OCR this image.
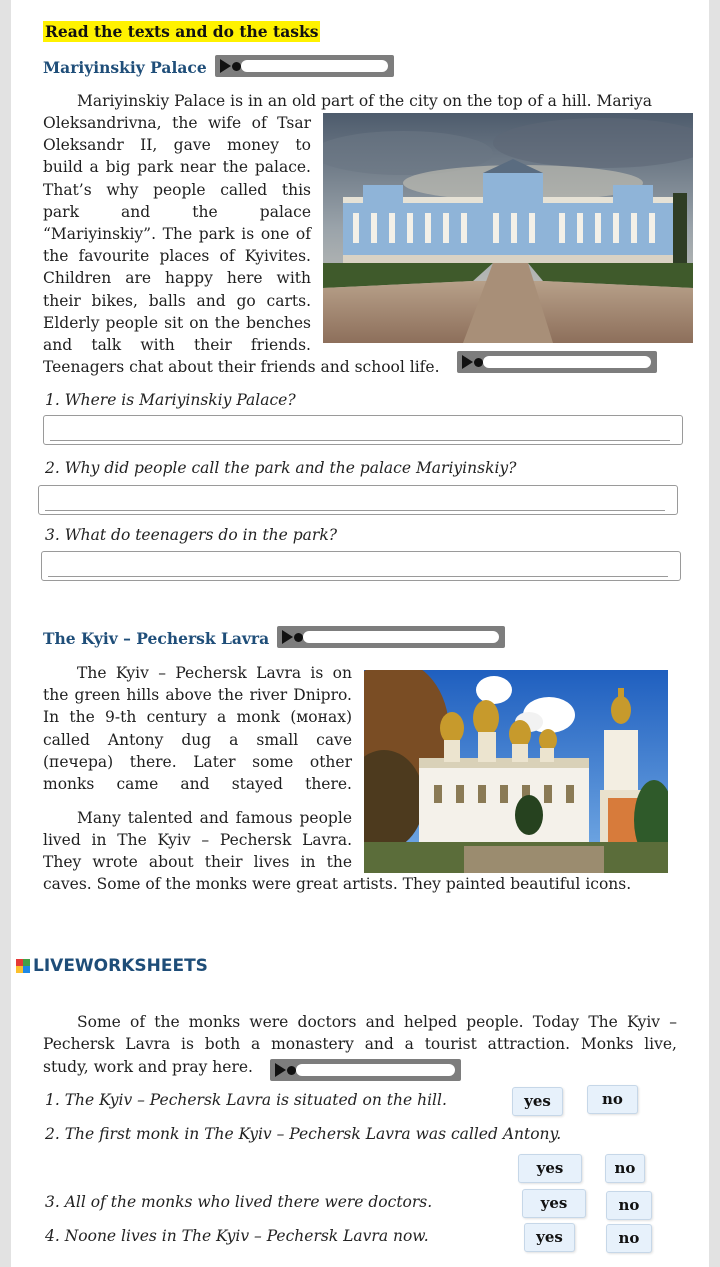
Read the texts and do the tasks
Mariyinskiy Palace
Mariyinskiy Palace is in an old part of the city on the top of a hill. Mariya
Oleksandrivna, the wife of Tsar
Oleksandr II, gave money to
build a big park near the palace.
That’s why people called this
park and the palace
“Mariyinskiy”. The park is one of
the favourite places of Kyivites.
Children are happy here with
their bikes, balls and go carts.
Elderly people sit on the benches
and talk with their friends.
Teenagers chat about their friends and school life.
1. Where is Mariyinskiy Palace?
2. Why did people call the park and the palace Mariyinskiy?
3. What do teenagers do in the park?
The Kyiv – Pechersk Lavra
The Kyiv – Pechersk Lavra is on
the green hills above the river Dnipro.
In the 9-th century a monk (монах)
called Antony dug a small cave
(печера) there. Later some other
monks came and stayed there.
Many talented and famous people
lived in The Kyiv – Pechersk Lavra.
They wrote about their lives in the
caves. Some of the monks were great artists. They painted beautiful icons.
LIVEWORKSHEETS
Some of the monks were doctors and helped people. Today The Kyiv –
Pechersk Lavra is both a monastery and a tourist attraction. Monks live,
study, work and pray here.
1. The Kyiv – Pechersk Lavra is situated on the hill.	yes	no
2. The first monk in The Kyiv – Pechersk Lavra was called Antony.
yes	no
3. All of the monks who lived there were doctors.	yes	no
4. Noone lives in The Kyiv – Pechersk Lavra now.	yes	no
